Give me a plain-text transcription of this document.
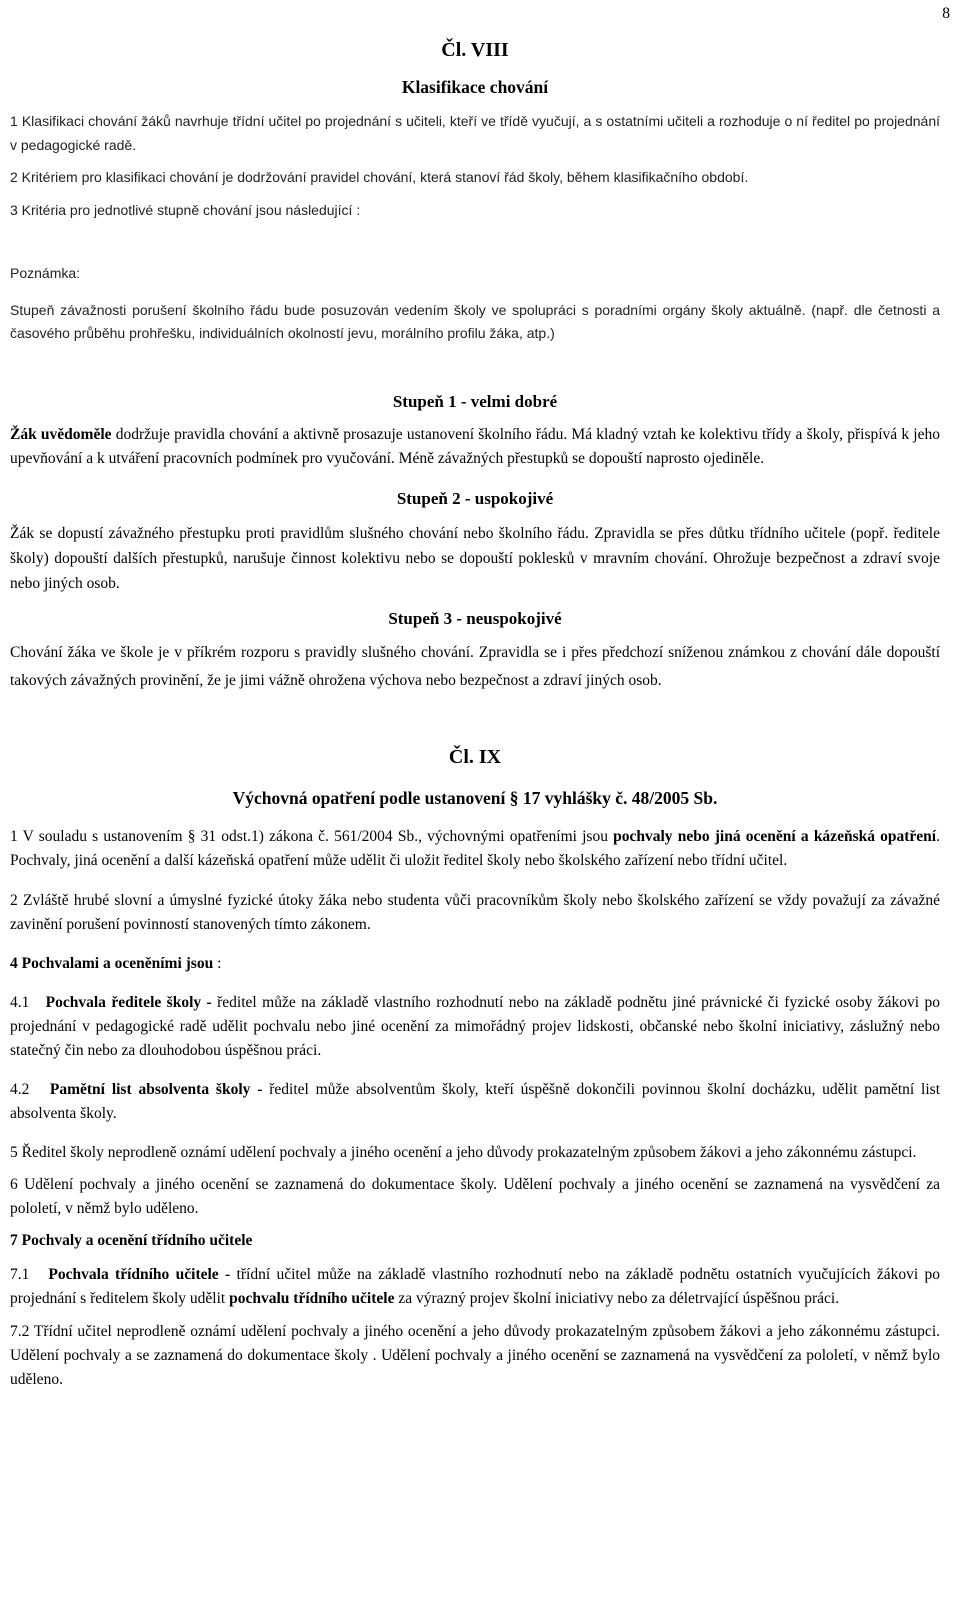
8
Čl. VIII
Klasifikace chování

1 Klasifikaci chování žáků navrhuje třídní učitel po projednání s učiteli, kteří ve třídě vyučují, a s ostatními učiteli a rozhoduje o ní ředitel po projednání v pedagogické radě.

2 Kritériem pro klasifikaci chování je dodržování pravidel chování, která stanoví řád školy, během klasifikačního období.

3 Kritéria pro jednotlivé stupně chování jsou následující :

Poznámka:

Stupeň závažnosti porušení školního řádu bude posuzován vedením školy ve spolupráci s poradními orgány školy aktuálně. (např. dle četnosti a časového průběhu prohřešku, individuálních okolností jevu, morálního profilu žáka, atp.)

Stupeň 1 - velmi dobré

Žák uvědoměle dodržuje pravidla chování a aktivně prosazuje ustanovení školního řádu. Má kladný vztah ke kolektivu třídy a školy, přispívá k jeho upevňování a k utváření pracovních podmínek pro vyučování. Méně závažných přestupků se dopouští naprosto ojediněle.

Stupeň 2 - uspokojivé

Žák se dopustí závažného přestupku proti pravidlům slušného chování nebo školního řádu. Zpravidla se přes důtku třídního učitele (popř. ředitele školy) dopouští dalších přestupků, narušuje činnost kolektivu nebo se dopouští poklesků v mravním chování. Ohrožuje bezpečnost a zdraví svoje nebo jiných osob.

Stupeň 3 - neuspokojivé

Chování žáka ve škole je v příkrém rozporu s pravidly slušného chování. Zpravidla se i přes předchozí sníženou známkou z chování dále dopouští takových závažných provinění, že je jimi vážně ohrožena výchova nebo bezpečnost a zdraví jiných osob.

Čl. IX
Výchovná opatření podle ustanovení § 17 vyhlášky č. 48/2005 Sb.

1 V souladu s ustanovením § 31 odst.1) zákona č. 561/2004 Sb., výchovnými opatřeními jsou pochvaly nebo jiná ocenění a kázeňská opatření. Pochvaly, jiná ocenění a další kázeňská opatření může udělit či uložit ředitel školy nebo školského zařízení nebo třídní učitel.

2 Zvláště hrubé slovní a úmyslné fyzické útoky žáka nebo studenta vůči pracovníkům školy nebo školského zařízení se vždy považují za závažné zavinění porušení povinností stanovených tímto zákonem.

4 Pochvalami a oceněními jsou :

4.1 Pochvala ředitele školy - ředitel může na základě vlastního rozhodnutí nebo na základě podnětu jiné právnické či fyzické osoby žákovi po projednání v pedagogické radě udělit pochvalu nebo jiné ocenění za mimořádný projev lidskosti, občanské nebo školní iniciativy, záslužný nebo statečný čin nebo za dlouhodobou úspěšnou práci.

4.2 Pamětní list absolventa školy - ředitel může absolventům školy, kteří úspěšně dokončili povinnou školní docházku, udělit pamětní list absolventa školy.

5 Ředitel školy neprodleně oznámí udělení pochvaly a jiného ocenění a jeho důvody prokazatelným způsobem žákovi a jeho zákonnému zástupci.

6 Udělení pochvaly a jiného ocenění se zaznamená do dokumentace školy. Udělení pochvaly a jiného ocenění se zaznamená na vysvědčení za pololetí, v němž bylo uděleno.

7 Pochvaly a ocenění třídního učitele

7.1 Pochvala třídního učitele - třídní učitel může na základě vlastního rozhodnutí nebo na základě podnětu ostatních vyučujících žákovi po projednání s ředitelem školy udělit pochvalu třídního učitele za výrazný projev školní iniciativy nebo za déletrvající úspěšnou práci.

7.2 Třídní učitel neprodleně oznámí udělení pochvaly a jiného ocenění a jeho důvody prokazatelným způsobem žákovi a jeho zákonnému zástupci. Udělení pochvaly a se zaznamená do dokumentace školy . Udělení pochvaly a jiného ocenění se zaznamená na vysvědčení za pololetí, v němž bylo uděleno.
